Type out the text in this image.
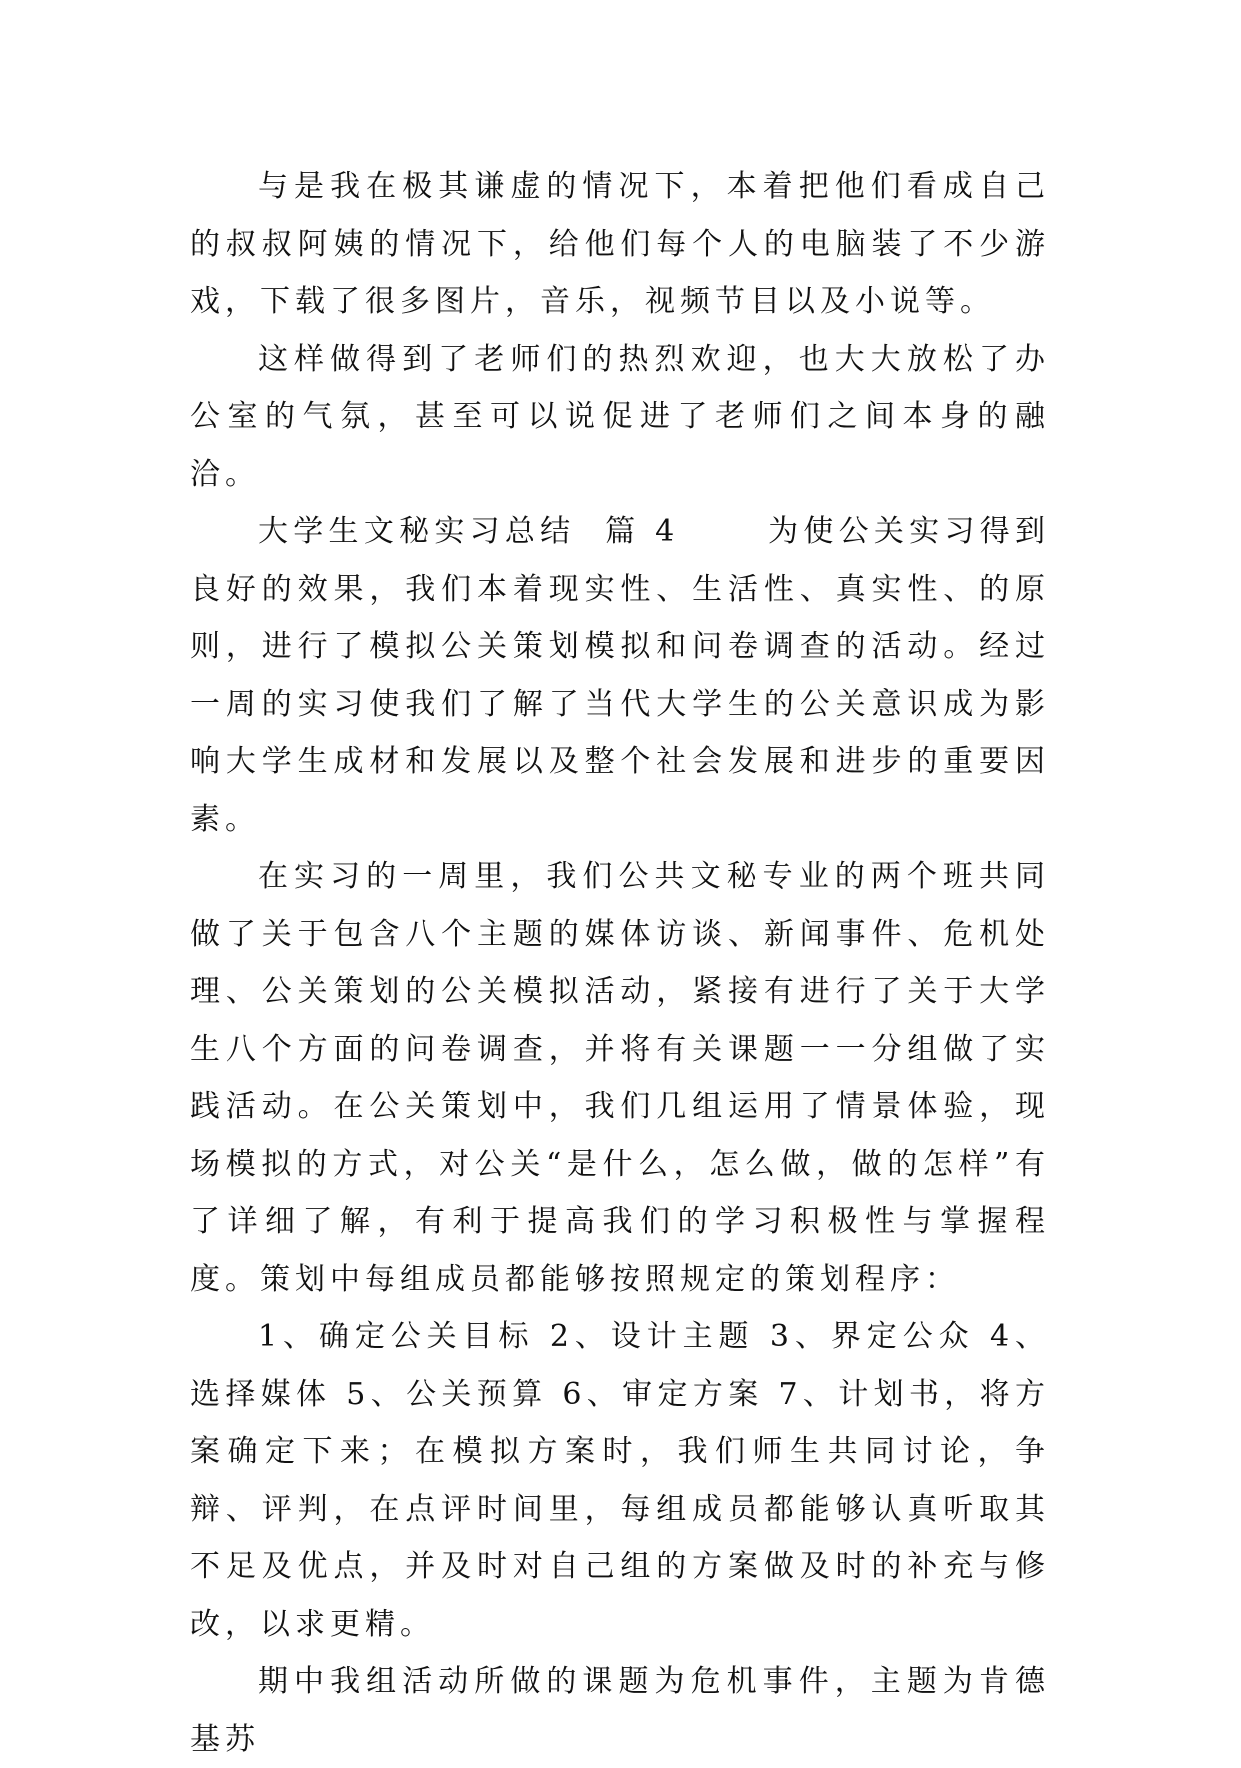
与是我在极其谦虚的情况下，本着把他们看成自己的叔叔阿姨的情况下，给他们每个人的电脑装了不少游戏，下载了很多图片，音乐，视频节目以及小说等。

这样做得到了老师们的热烈欢迎，也大大放松了办公室的气氛，甚至可以说促进了老师们之间本身的融洽。

大学生文秘实习总结  篇 4      为使公关实习得到良好的效果，我们本着现实性、生活性、真实性、的原则，进行了模拟公关策划模拟和问卷调查的活动。经过一周的实习使我们了解了当代大学生的公关意识成为影响大学生成材和发展以及整个社会发展和进步的重要因素。

在实习的一周里，我们公共文秘专业的两个班共同做了关于包含八个主题的媒体访谈、新闻事件、危机处理、公关策划的公关模拟活动，紧接有进行了关于大学生八个方面的问卷调查，并将有关课题一一分组做了实践活动。在公关策划中，我们几组运用了情景体验，现场模拟的方式，对公关“是什么，怎么做，做的怎样”有了详细了解，有利于提高我们的学习积极性与掌握程度。策划中每组成员都能够按照规定的策划程序：

1、确定公关目标 2、设计主题 3、界定公众 4、选择媒体 5、公关预算 6、审定方案 7、计划书，将方案确定下来；在模拟方案时，我们师生共同讨论，争辩、评判，在点评时间里，每组成员都能够认真听取其不足及优点，并及时对自己组的方案做及时的补充与修改，以求更精。

期中我组活动所做的课题为危机事件，主题为肯德基苏
